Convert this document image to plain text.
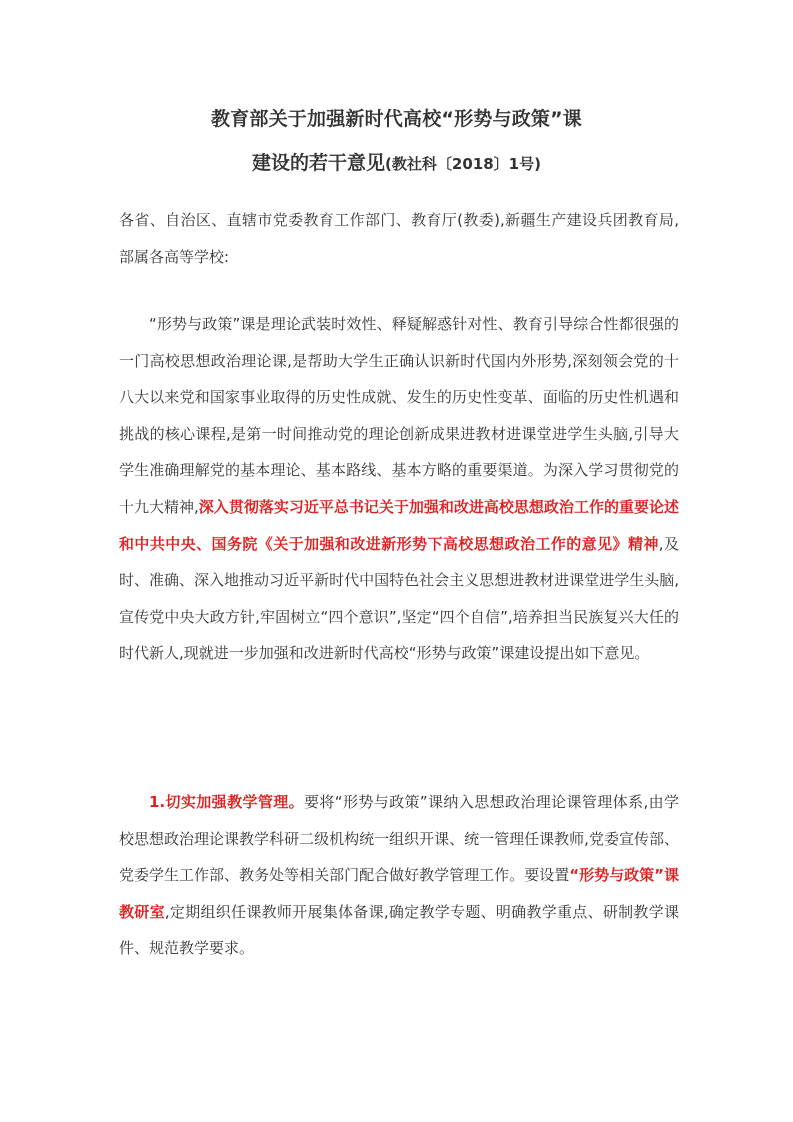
教育部关于加强新时代高校“形势与政策”课
建设的若干意见(教社科〔2018〕1号)
各省、自治区、直辖市党委教育工作部门、教育厅(教委),新疆生产建设兵团教育局,部属各高等学校:
“形势与政策”课是理论武装时效性、释疑解惑针对性、教育引导综合性都很强的一门高校思想政治理论课,是帮助大学生正确认识新时代国内外形势,深刻领会党的十八大以来党和国家事业取得的历史性成就、发生的历史性变革、面临的历史性机遇和挑战的核心课程,是第一时间推动党的理论创新成果进教材进课堂进学生头脑,引导大学生准确理解党的基本理论、基本路线、基本方略的重要渠道。为深入学习贯彻党的十九大精神,深入贯彻落实习近平总书记关于加强和改进高校思想政治工作的重要论述和中共中央、国务院《关于加强和改进新形势下高校思想政治工作的意见》精神,及时、准确、深入地推动习近平新时代中国特色社会主义思想进教材进课堂进学生头脑,宣传党中央大政方针,牢固树立“四个意识”,坚定“四个自信”,培养担当民族复兴大任的时代新人,现就进一步加强和改进新时代高校“形势与政策”课建设提出如下意见。
1.切实加强教学管理。要将“形势与政策”课纳入思想政治理论课管理体系,由学校思想政治理论课教学科研二级机构统一组织开课、统一管理任课教师,党委宣传部、党委学生工作部、教务处等相关部门配合做好教学管理工作。要设置“形势与政策”课教研室,定期组织任课教师开展集体备课,确定教学专题、明确教学重点、研制教学课件、规范教学要求。
